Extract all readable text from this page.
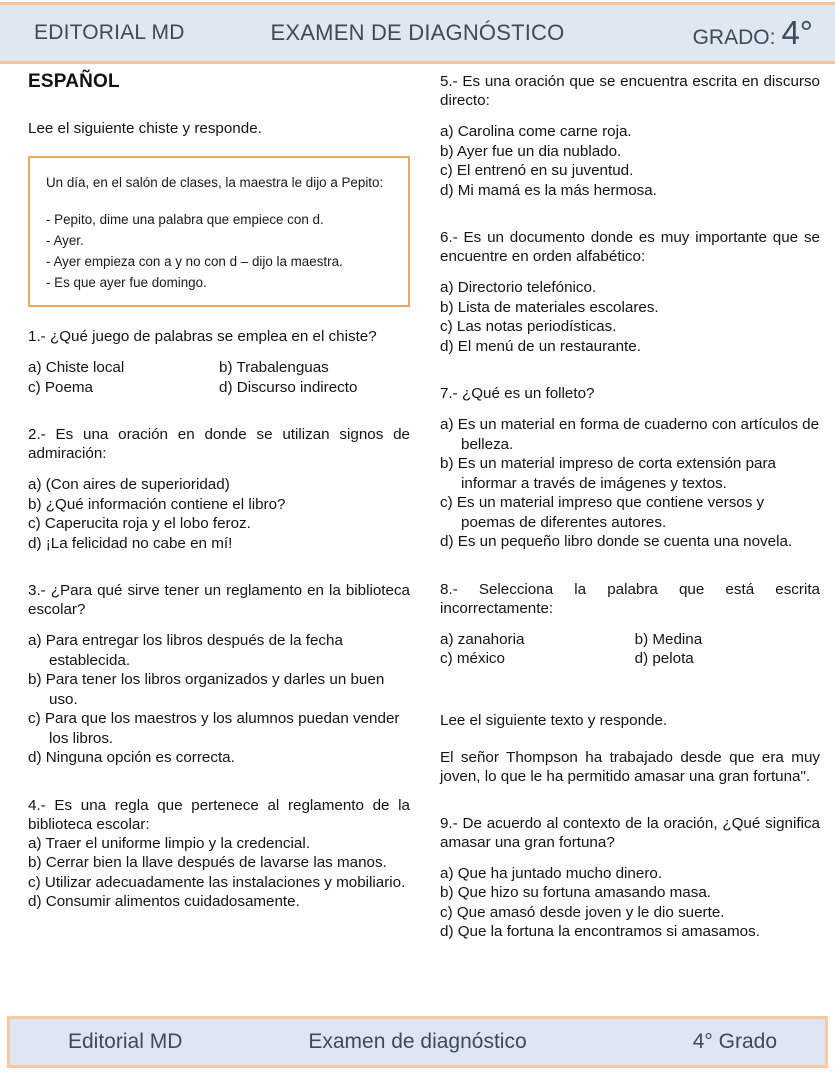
EDITORIAL MD	EXAMEN DE DIAGNÓSTICO	GRADO: 4°
ESPAÑOL

Lee el siguiente chiste y responde.

Un día, en el salón de clases, la maestra le dijo a Pepito:

- Pepito, dime una palabra que empiece con d.

- Ayer.

- Ayer empieza con a y no con d – dijo la maestra.

- Es que ayer fue domingo.

1.- ¿Qué juego de palabras se emplea en el chiste?

a) Chiste local	b) Trabalenguas

c) Poema	d) Discurso indirecto

2.- Es una oración en donde se utilizan signos de admiración:

a) (Con aires de superioridad)

b) ¿Qué información contiene el libro?

c) Caperucita roja y el lobo feroz.

d) ¡La felicidad no cabe en mí!

3.- ¿Para qué sirve tener un reglamento en la biblioteca escolar?

a) Para entregar los libros después de la fecha establecida.

b) Para tener los libros organizados y darles un buen uso.

c) Para que los maestros y los alumnos puedan vender los libros.

d) Ninguna opción es correcta.

4.- Es una regla que pertenece al reglamento de la biblioteca escolar:

a) Traer el uniforme limpio y la credencial.

b) Cerrar bien la llave después de lavarse las manos.

c) Utilizar adecuadamente las instalaciones y mobiliario.

d) Consumir alimentos cuidadosamente.

5.- Es una oración que se encuentra escrita en discurso directo:

a) Carolina come carne roja.

b) Ayer fue un dia nublado.

c) El entrenó en su juventud.

d) Mi mamá es la más hermosa.

6.- Es un documento donde es muy importante que se encuentre en orden alfabético:

a) Directorio telefónico.

b) Lista de materiales escolares.

c) Las notas periodísticas.

d) El menú de un restaurante.

7.- ¿Qué es un folleto?

a) Es un material en forma de cuaderno con artículos de belleza.

b) Es un material impreso de corta extensión para informar a través de imágenes y textos.

c) Es un material impreso que contiene versos y poemas de diferentes autores.

d) Es un pequeño libro donde se cuenta una novela.

8.- Selecciona la palabra que está escrita incorrectamente:

a) zanahoria	b) Medina

c) méxico	d) pelota

Lee el siguiente texto y responde.

El señor Thompson ha trabajado desde que era muy joven, lo que le ha permitido amasar una gran fortuna".

9.- De acuerdo al contexto de la oración, ¿Qué significa amasar una gran fortuna?

a) Que ha juntado mucho dinero.

b) Que hizo su fortuna amasando masa.

c) Que amasó desde joven y le dio suerte.

d) Que la fortuna la encontramos si amasamos.

Editorial MD	Examen de diagnóstico	4° Grado
